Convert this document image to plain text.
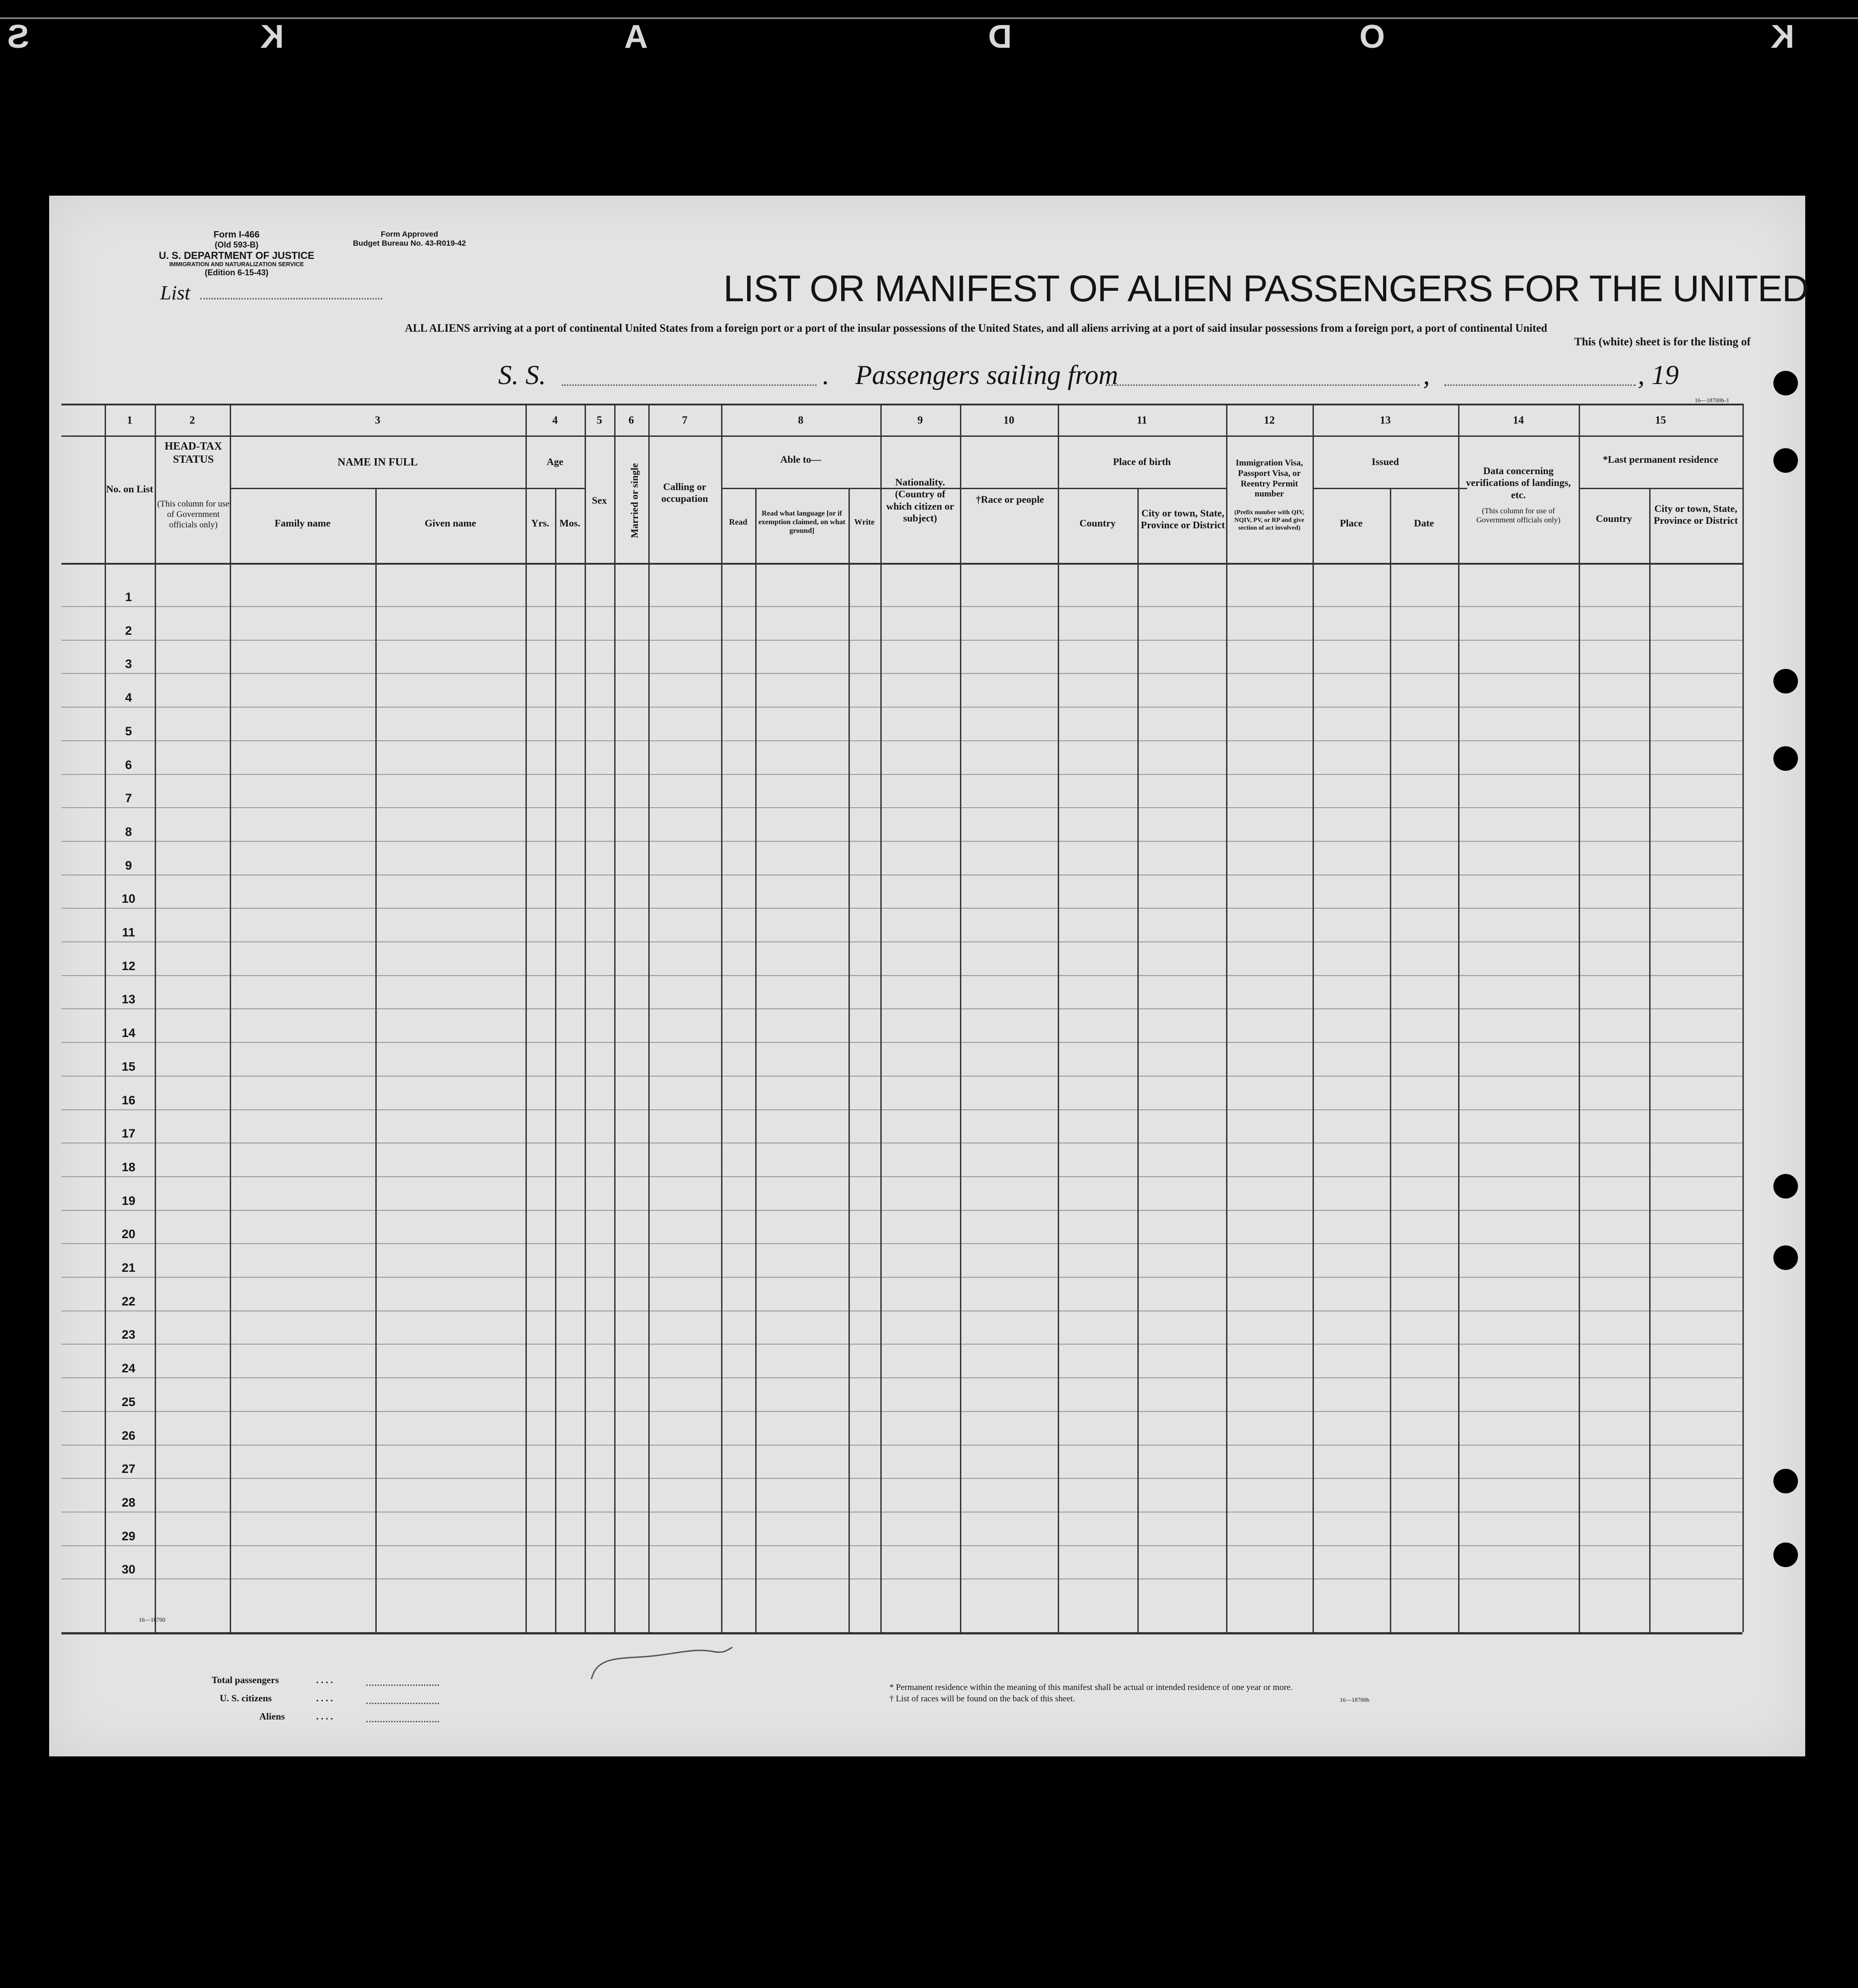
K
O
D
A
K
S
Form I-466
(Old 593-B)
U. S. DEPARTMENT OF JUSTICE
IMMIGRATION AND NATURALIZATION SERVICE
(Edition 6-15-43)
Form Approved
Budget Bureau No. 43-R019-42
List	LIST OR MANIFEST OF ALIEN PASSENGERS FOR THE UNITED
ALL ALIENS arriving at a port of continental United States from a foreign port or a port of the insular possessions of the United States, and all aliens arriving at a port of said insular possessions from a foreign port, a port of continental United
This (white) sheet is for the listing of
S. S.	. Passengers sailing from	,	, 19
16—18700b-1
1	2	3	4	5	6	7	8	9	10	11	12	13	14	15
No. on List
HEAD-TAX STATUS
(This column for use of Government officials only)
NAME IN FULL
Family name	Given name
Age
Yrs.	Mos.
Sex	Married or single	Calling or occupation
Able to—
Read
Read what language [or if exemption claimed, on what ground]
Write
Nationality. (Country of which citizen or subject)
†Race or people
Place of birth
Country
City or town, State, Province or District
Immigration Visa, Passport Visa, or Reentry Permit number
(Prefix number with QIV, NQIV, PV, or RP and give section of act involved)
Issued
Place	Date
Data concerning verifications of landings, etc.
(This column for use of Government officials only)
*Last permanent residence
Country
City or town, State, Province or District
1
2
3
4
5
6
7
8
9
10
11
12
13
14
15
16
17
18
19
20
21
22
23
24
25
26
27
28
29
30
16—18700
Total passengers	. . . .
U. S. citizens	. . . .
Aliens	. . . .
* Permanent residence within the meaning of this manifest shall be actual or intended residence of one year or more.
† List of races will be found on the back of this sheet.	16—18700b
